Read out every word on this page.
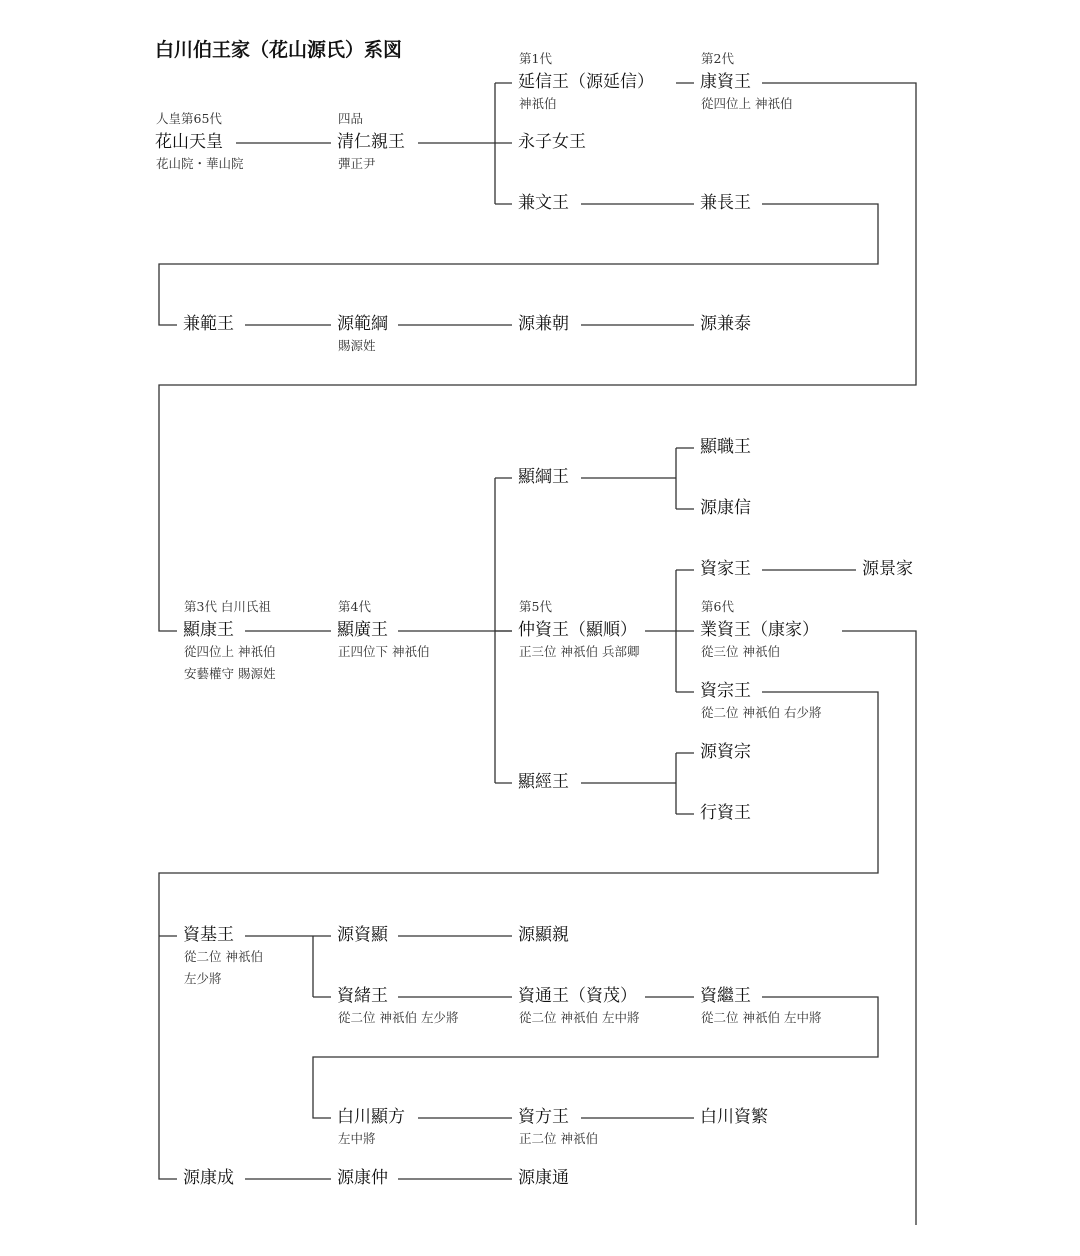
白川伯王家（花山源氏）系図
花山天皇
人皇第65代
花山院・華山院
清仁親王
四品
彈正尹
延信王（源延信）
第1代
神祇伯
康資王
第2代
從四位上 神祇伯
永子女王
兼文王	兼長王
兼範王	源範綱
賜源姓
源兼朝	源兼泰
顯綱王
顯職王
源康信
資家王	源景家
顯康王
第3代 白川氏祖
從四位上 神祇伯
安藝權守 賜源姓
顯廣王
第4代
正四位下 神祇伯
仲資王（顯順）
第5代
正三位 神祇伯 兵部卿
業資王（康家）
第6代
從三位 神祇伯
資宗王
從二位 神祇伯 右少將
源資宗
顯經王
行資王
資基王
從二位 神祇伯
左少將
源資顯	源顯親
資緒王
從二位 神祇伯 左少將
資通王（資茂）
從二位 神祇伯 左中將
資繼王
從二位 神祇伯 左中將
白川顯方
左中將
資方王
正二位 神祇伯
白川資繁
源康成	源康仲	源康通
